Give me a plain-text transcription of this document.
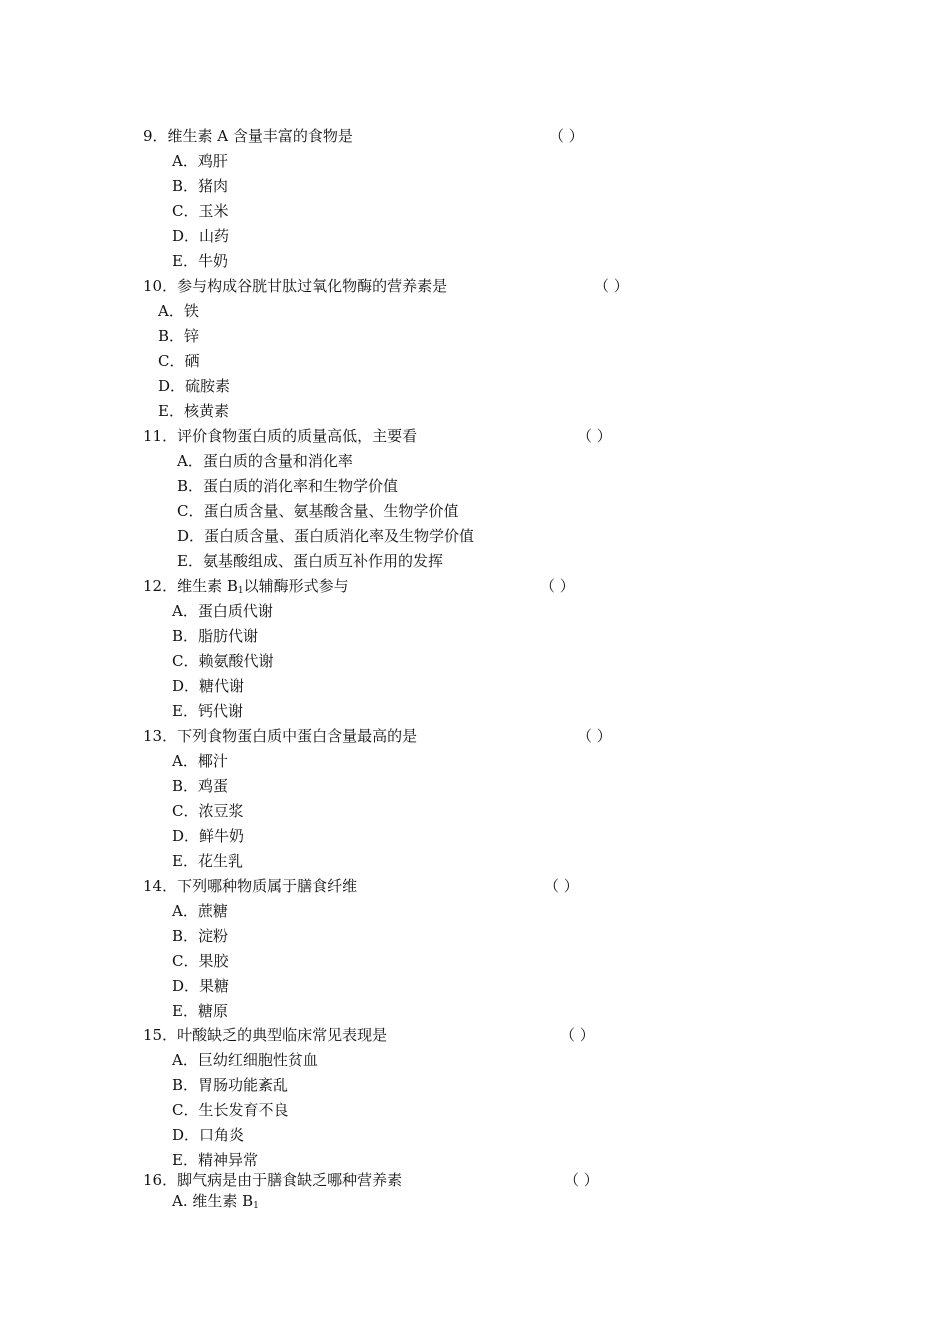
9．维生素 A 含量丰富的食物是	（ ）
A．鸡肝
B．猪肉
C．玉米
D．山药
E．牛奶
10．参与构成谷胱甘肽过氧化物酶的营养素是	（ ）
A．铁
B．锌
C．硒
D．硫胺素
E．核黄素
11．评价食物蛋白质的质量高低，主要看	（ ）
A．蛋白质的含量和消化率
B．蛋白质的消化率和生物学价值
C．蛋白质含量、氨基酸含量、生物学价值
D．蛋白质含量、蛋白质消化率及生物学价值
E．氨基酸组成、蛋白质互补作用的发挥
12．维生素 $B_1$以辅酶形式参与	（ ）
A．蛋白质代谢
B．脂肪代谢
C．赖氨酸代谢
D．糖代谢
E．钙代谢
13．下列食物蛋白质中蛋白含量最高的是	（ ）
A．椰汁
B．鸡蛋
C．浓豆浆
D．鲜牛奶
E．花生乳
14．下列哪种物质属于膳食纤维	（ ）
A．蔗糖
B．淀粉
C．果胶
D．果糖
E．糖原
15．叶酸缺乏的典型临床常见表现是	（ ）
A．巨幼红细胞性贫血
B．胃肠功能紊乱
C．生长发育不良
D．口角炎
E．精神异常
16．脚气病是由于膳食缺乏哪种营养素	（ ）
A. 维生素 $B_1$
